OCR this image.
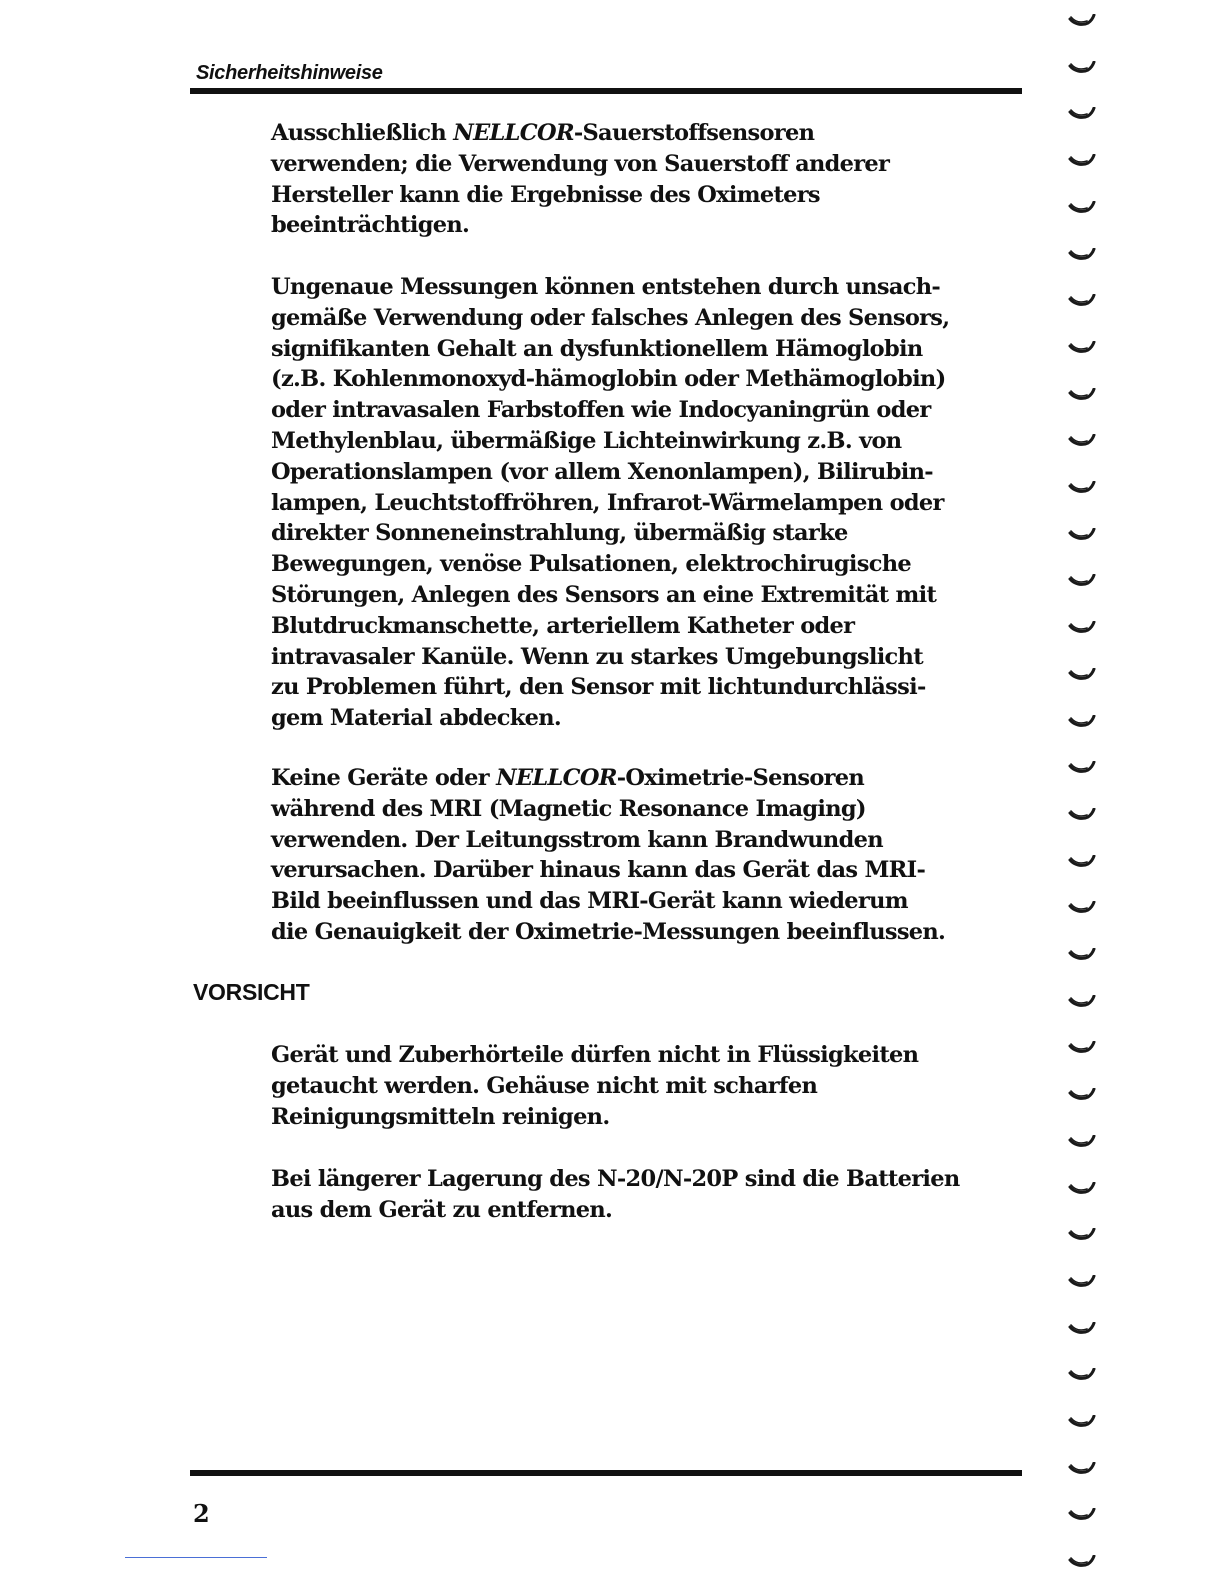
Sicherheitshinweise
Ausschließlich NELLCOR-Sauerstoffsensoren
verwenden; die Verwendung von Sauerstoff anderer
Hersteller kann die Ergebnisse des Oximeters
beeinträchtigen.
Ungenaue Messungen können entstehen durch unsach-
gemäße Verwendung oder falsches Anlegen des Sensors,
signifikanten Gehalt an dysfunktionellem Hämoglobin
(z.B. Kohlenmonoxyd-hämoglobin oder Methämoglobin)
oder intravasalen Farbstoffen wie Indocyaningrün oder
Methylenblau, übermäßige Lichteinwirkung z.B. von
Operationslampen (vor allem Xenonlampen), Bilirubin-
lampen, Leuchtstoffröhren, Infrarot-Wärmelampen oder
direkter Sonneneinstrahlung, übermäßig starke
Bewegungen, venöse Pulsationen, elektrochirugische
Störungen, Anlegen des Sensors an eine Extremität mit
Blutdruckmanschette, arteriellem Katheter oder
intravasaler Kanüle. Wenn zu starkes Umgebungslicht
zu Problemen führt, den Sensor mit lichtundurchlässi-
gem Material abdecken.
Keine Geräte oder NELLCOR-Oximetrie-Sensoren
während des MRI (Magnetic Resonance Imaging)
verwenden. Der Leitungsstrom kann Brandwunden
verursachen. Darüber hinaus kann das Gerät das MRI-
Bild beeinflussen und das MRI-Gerät kann wiederum
die Genauigkeit der Oximetrie-Messungen beeinflussen.
VORSICHT
Gerät und Zuberhörteile dürfen nicht in Flüssigkeiten
getaucht werden. Gehäuse nicht mit scharfen
Reinigungsmitteln reinigen.
Bei längerer Lagerung des N-20/N-20P sind die Batterien
aus dem Gerät zu entfernen.
2
